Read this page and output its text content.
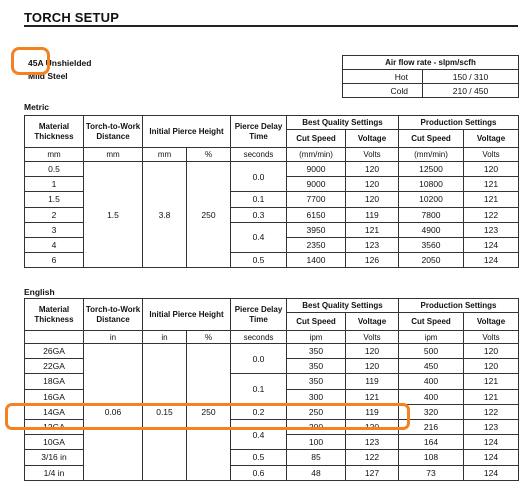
TORCH SETUP
45A Unshielded
Mild Steel
Air flow rate - slpm/scfh	
Hot	150 / 310
Cold	210 / 450
Metric
Material Thickness	Torch-to-Work Distance	Initial Pierce Height		Pierce Delay Time	Best Quality Settings		Production Settings	
					Cut Speed	Voltage	Cut Speed	Voltage
mm	mm	mm	%	seconds	(mm/min)	Volts	(mm/min)	Volts
0.5	1.5	3.8	250	0.0	9000	120	12500	120
1					9000	120	10800	121
1.5				0.1	7700	120	10200	121
2				0.3	6150	119	7800	122
3				0.4	3950	121	4900	123
4					2350	123	3560	124
6				0.5	1400	126	2050	124
English
Material Thickness	Torch-to-Work Distance	Initial Pierce Height		Pierce Delay Time	Best Quality Settings		Production Settings	
					Cut Speed	Voltage	Cut Speed	Voltage
	in	in	%	seconds	ipm	Volts	ipm	Volts
26GA	0.06	0.15	250	0.0	350	120	500	120
22GA					350	120	450	120
18GA				0.1	350	119	400	121
16GA					300	121	400	121
14GA				0.2	250	119	320	122
12GA				0.4	200	120	216	123
10GA					100	123	164	124
3/16 in				0.5	85	122	108	124
1/4 in				0.6	48	127	73	124
